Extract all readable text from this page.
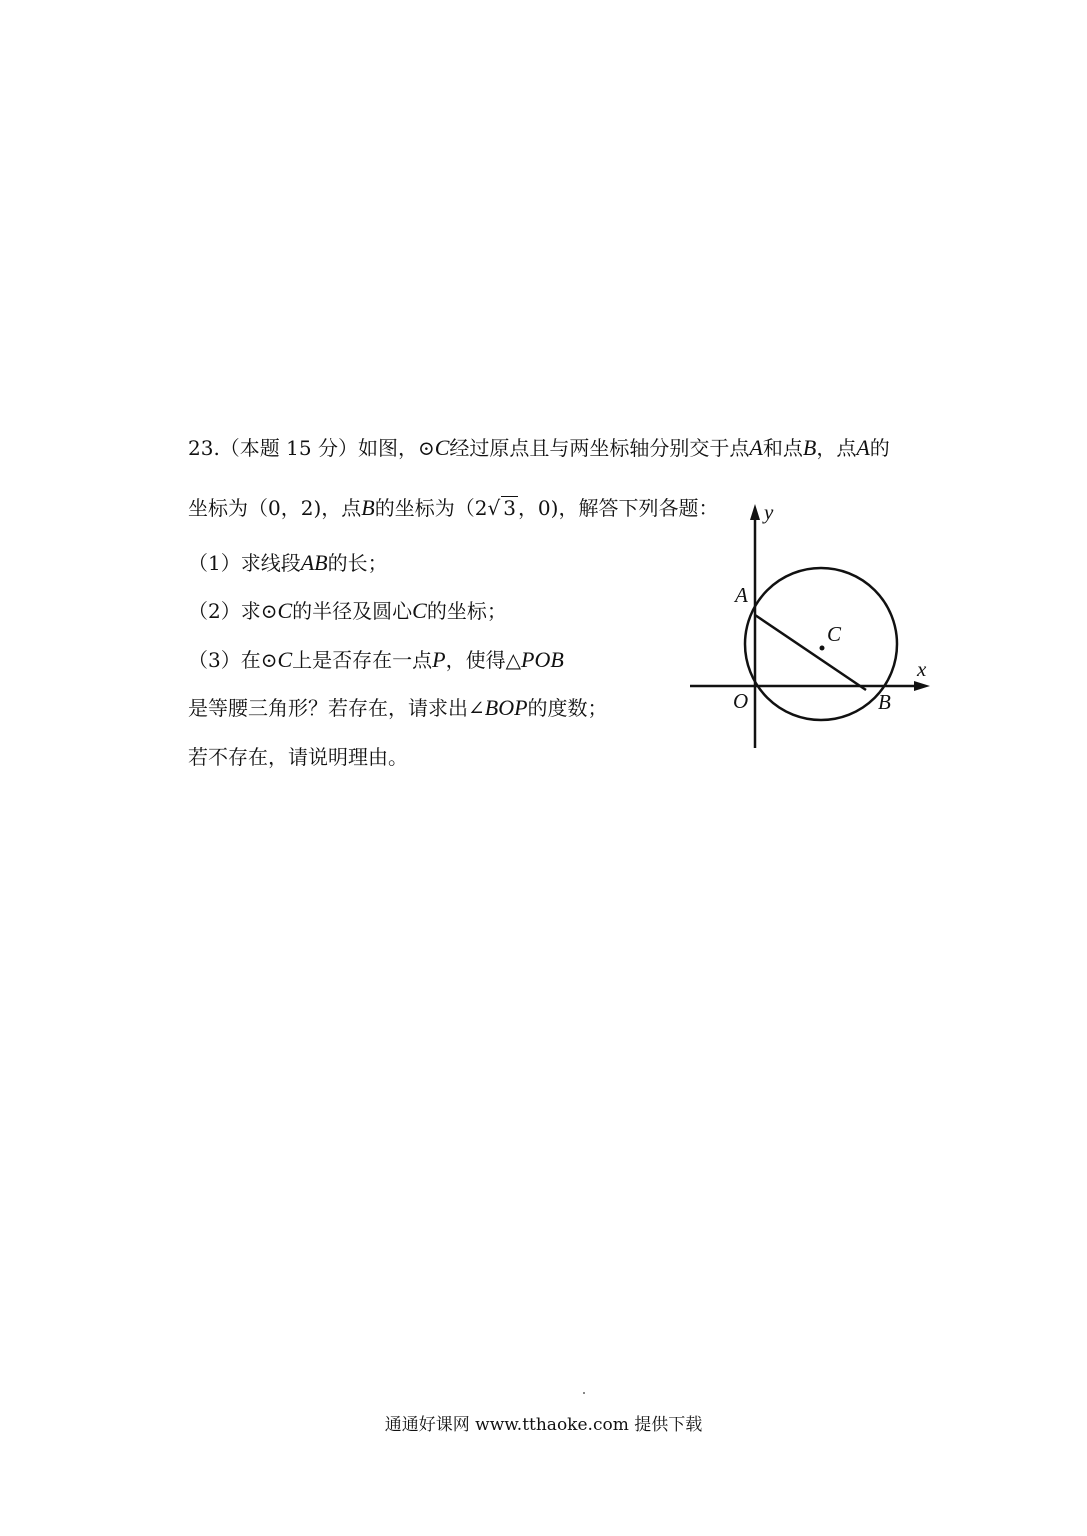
23.（本题 15 分）如图，⊙C经过原点且与两坐标轴分别交于点A和点B，点A的
坐标为（0，2)，点B的坐标为（2√ 3 ，0)，解答下列各题：
（1）求线段AB的长；
（2）求⊙C的半径及圆心C的坐标；
（3）在⊙C上是否存在一点P，使得△POB
是等腰三角形？若存在，请求出∠BOP的度数；
若不存在，请说明理由。
y
x
A
C
O	B
通通好课网 www.tthaoke.com 提供下载
